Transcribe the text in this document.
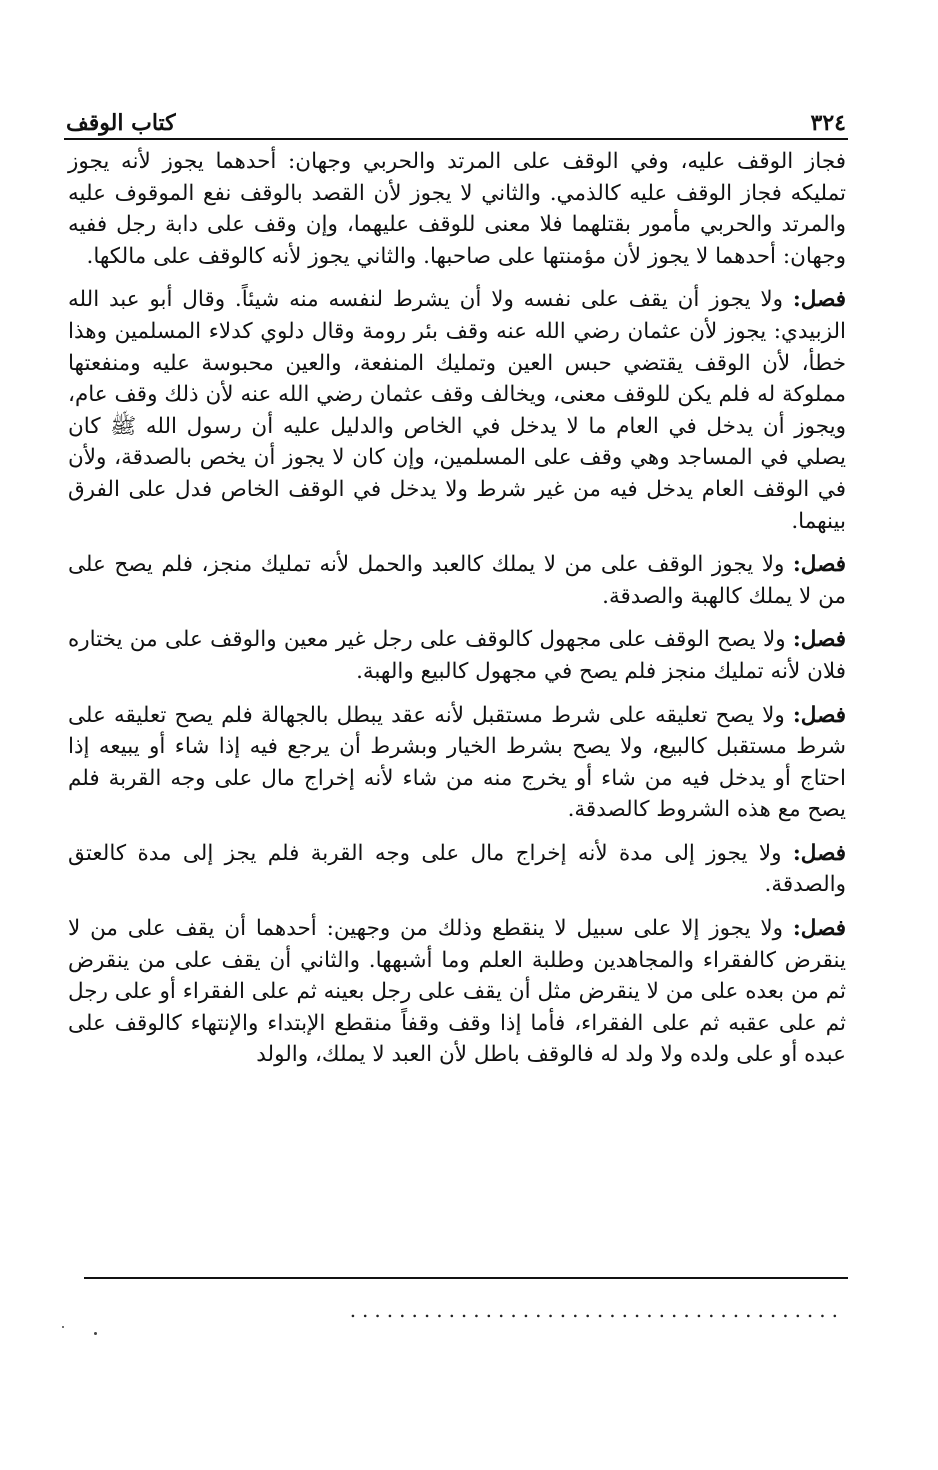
٣٢٤
كتاب الوقف

فجاز الوقف عليه، وفي الوقف على المرتد والحربي وجهان: أحدهما يجوز لأنه يجوز تمليكه فجاز الوقف عليه كالذمي. والثاني لا يجوز لأن القصد بالوقف نفع الموقوف عليه والمرتد والحربي مأمور بقتلهما فلا معنى للوقف عليهما، وإن وقف على دابة رجل ففيه وجهان: أحدهما لا يجوز لأن مؤمنتها على صاحبها. والثاني يجوز لأنه كالوقف على مالكها.

فصل: ولا يجوز أن يقف على نفسه ولا أن يشرط لنفسه منه شيئاً. وقال أبو عبد الله الزبيدي: يجوز لأن عثمان رضي الله عنه وقف بئر رومة وقال دلوي كدلاء المسلمين وهذا خطأ، لأن الوقف يقتضي حبس العين وتمليك المنفعة، والعين محبوسة عليه ومنفعتها مملوكة له فلم يكن للوقف معنى، ويخالف وقف عثمان رضي الله عنه لأن ذلك وقف عام، ويجوز أن يدخل في العام ما لا يدخل في الخاص والدليل عليه أن رسول الله ﷺ كان يصلي في المساجد وهي وقف على المسلمين، وإن كان لا يجوز أن يخص بالصدقة، ولأن في الوقف العام يدخل فيه من غير شرط ولا يدخل في الوقف الخاص فدل على الفرق بينهما.

فصل: ولا يجوز الوقف على من لا يملك كالعبد والحمل لأنه تمليك منجز، فلم يصح على من لا يملك كالهبة والصدقة.

فصل: ولا يصح الوقف على مجهول كالوقف على رجل غير معين والوقف على من يختاره فلان لأنه تمليك منجز فلم يصح في مجهول كالبيع والهبة.

فصل: ولا يصح تعليقه على شرط مستقبل لأنه عقد يبطل بالجهالة فلم يصح تعليقه على شرط مستقبل كالبيع، ولا يصح بشرط الخيار وبشرط أن يرجع فيه إذا شاء أو يبيعه إذا احتاج أو يدخل فيه من شاء أو يخرج منه من شاء لأنه إخراج مال على وجه القربة فلم يصح مع هذه الشروط كالصدقة.

فصل: ولا يجوز إلى مدة لأنه إخراج مال على وجه القربة فلم يجز إلى مدة كالعتق والصدقة.

فصل: ولا يجوز إلا على سبيل لا ينقطع وذلك من وجهين: أحدهما أن يقف على من لا ينقرض كالفقراء والمجاهدين وطلبة العلم وما أشبهها. والثاني أن يقف على من ينقرض ثم من بعده على من لا ينقرض مثل أن يقف على رجل بعينه ثم على الفقراء أو على رجل ثم على عقبه ثم على الفقراء، فأما إذا وقف وقفاً منقطع الإبتداء والإنتهاء كالوقف على عبده أو على ولده ولا ولد له فالوقف باطل لأن العبد لا يملك، والولد

........................................
